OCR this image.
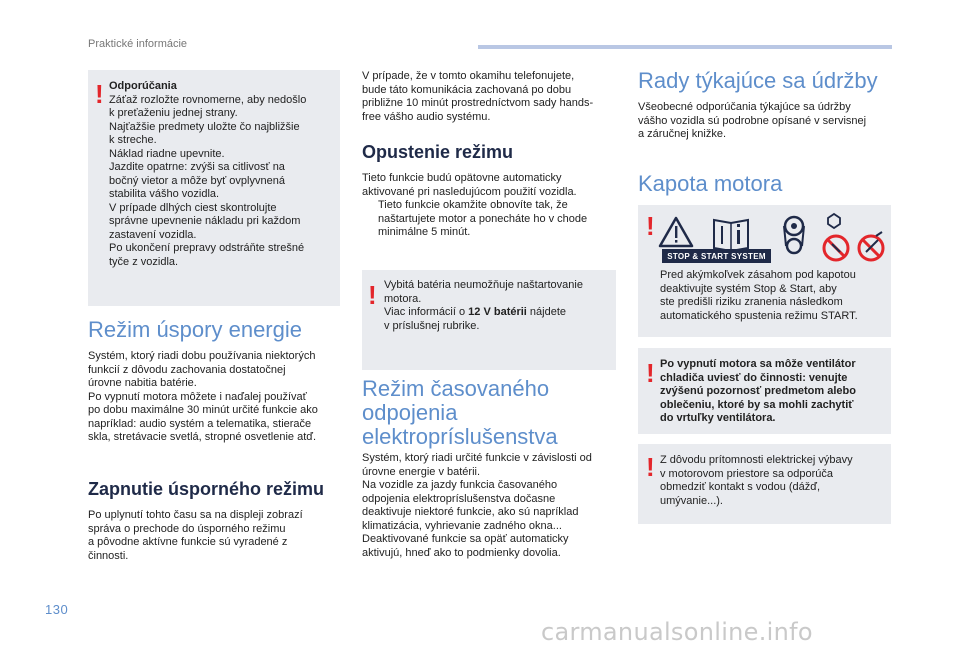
Praktické informácie
! Odporúčania

Záťaž rozložte rovnomerne, aby nedošlo

k preťaženiu jednej strany.

Najťažšie predmety uložte čo najbližšie

k streche.

Náklad riadne upevnite.

Jazdite opatrne: zvýši sa citlivosť na

bočný vietor a môže byť ovplyvnená

stabilita vášho vozidla.

V prípade dlhých ciest skontrolujte

správne upevnenie nákladu pri každom

zastavení vozidla.

Po ukončení prepravy odstráňte strešné

tyče z vozidla.

Režim úspory energie

Systém, ktorý riadi dobu používania niektorých

funkcií z dôvodu zachovania dostatočnej

úrovne nabitia batérie.

Po vypnutí motora môžete i naďalej používať

po dobu maximálne 30 minút určité funkcie ako

napríklad: audio systém a telematika, stierače

skla, stretávacie svetlá, stropné osvetlenie atď.

Zapnutie úsporného režimu

Po uplynutí tohto času sa na displeji zobrazí

správa o prechode do úsporného režimu

a pôvodne aktívne funkcie sú vyradené z

činnosti.

V prípade, že v tomto okamihu telefonujete,

bude táto komunikácia zachovaná po dobu

približne 10 minút prostredníctvom sady hands-

free vášho audio systému.

Opustenie režimu

Tieto funkcie budú opätovne automaticky

aktivované pri nasledujúcom použití vozidla.

Tieto funkcie okamžite obnovíte tak, že

naštartujete motor a ponecháte ho v chode

minimálne 5 minút.

! Vybitá batéria neumožňuje naštartovanie

motora.

Viac informácií o 12 V batérii nájdete

v príslušnej rubrike.

Režim časovaného

odpojenia

elektropríslušenstva

Systém, ktorý riadi určité funkcie v závislosti od

úrovne energie v batérii.

Na vozidle za jazdy funkcia časovaného

odpojenia elektropríslušenstva dočasne

deaktivuje niektoré funkcie, ako sú napríklad

klimatizácia, vyhrievanie zadného okna...

Deaktivované funkcie sa opäť automaticky

aktivujú, hneď ako to podmienky dovolia.

Rady týkajúce sa údržby

Všeobecné odporúčania týkajúce sa údržby

vášho vozidla sú podrobne opísané v servisnej

a záručnej knižke.

Kapota motora
!
STOP & START SYSTEM

Pred akýmkoľvek zásahom pod kapotou

deaktivujte systém Stop & Start, aby

ste predišli riziku zranenia následkom

automatického spustenia režimu START.

! Po vypnutí motora sa môže ventilátor

chladiča uviesť do činnosti: venujte

zvýšenú pozornosť predmetom alebo

oblečeniu, ktoré by sa mohli zachytiť

do vrtuľky ventilátora.

! Z dôvodu prítomnosti elektrickej výbavy

v motorovom priestore sa odporúča

obmedziť kontakt s vodou (dážď,

umývanie...).

130
carmanualsonline.info
